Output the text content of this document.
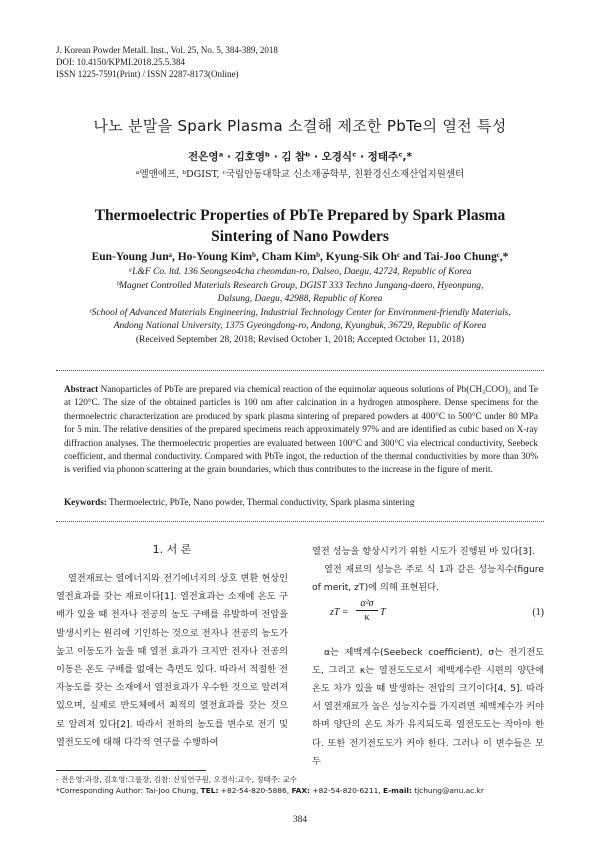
J. Korean Powder Metall. Inst., Vol. 25, No. 5, 384-389, 2018
DOI: 10.4150/KPMI.2018.25.5.384
ISSN 1225-7591(Print) / ISSN 2287-8173(Online)
나노 분말을 Spark Plasma 소결해 제조한 PbTe의 열전 특성
전은영ᵃ · 김호영ᵇ · 김 참ᵇ · 오경식ᶜ · 정태주ᶜ,*
ᵃ엘앤에프, ᵇDGIST, ᶜ국립안동대학교 신소재공학부, 친환경신소재산업지원센터
Thermoelectric Properties of PbTe Prepared by Spark Plasma
Sintering of Nano Powders
Eun-Young Junᵃ, Ho-Young Kimᵇ, Cham Kimᵇ, Kyung-Sik Ohᶜ and Tai-Joo Chungᶜ,*
ᵃL&F Co. ltd. 136 Seongseo4cha cheomdan-ro, Dalseo, Daegu, 42724, Republic of Korea
ᵇMagnet Controlled Materials Research Group, DGIST 333 Techno Jungang-daero, Hyeonpung,
Dalsung, Daegu, 42988, Republic of Korea
ᶜSchool of Advanced Materials Engineering, Industrial Technology Center for Environment-friendly Materials,
Andong National University, 1375 Gyeongdong-ro, Andong, Kyungbuk, 36729, Republic of Korea
(Received September 28, 2018; Revised October 1, 2018; Accepted October 11, 2018)
Abstract Nanoparticles of PbTe are prepared via chemical reaction of the equimolar aqueous solutions of Pb(CH₃COO)₂ and Te at 120°C. The size of the obtained particles is 100 nm after calcination in a hydrogen atmosphere. Dense specimens for the thermoelectric characterization are produced by spark plasma sintering of prepared powders at 400°C to 500°C under 80 MPa for 5 min. The relative densities of the prepared specimens reach approximately 97% and are identified as cubic based on X-ray diffraction analyses. The thermoelectric properties are evaluated between 100°C and 300°C via electrical conductivity, Seebeck coefficient, and thermal conductivity. Compared with PbTe ingot, the reduction of the thermal conductivities by more than 30% is verified via phonon scattering at the grain boundaries, which thus contributes to the increase in the figure of merit.
Keywords: Thermoelectric, PbTe, Nano powder, Thermal conductivity, Spark plasma sintering
1. 서 론

열전재료는 열에너지와 전기에너지의 상호 변환 현상인 열전효과를 갖는 재료이다[1]. 열전효과는 소재에 온도 구배가 있을 때 전자나 전공의 농도 구배를 유발하여 전압을 발생시키는 원리에 기인하는 것으로 전자나 전공의 농도가 높고 이동도가 높을 때 열전 효과가 크지만 전자나 전공의 이동은 온도 구배를 없애는 측면도 있다. 따라서 적절한 전자농도를 갖는 소재에서 열전효과가 우수한 것으로 알려져 있으며, 실제로 반도체에서 최적의 열전효과를 갖는 것으로 알려져 있다[2]. 따라서 전하의 농도를 변수로 전기 및 열전도도에 대해 다각적 연구를 수행하여

열전 성능을 향상시키기 위한 시도가 진행된 바 있다[3].

열전 재료의 성능은 주로 식 1과 같은 성능지수(figure of merit, zT)에 의해 표현된다.

α는 제백계수(Seebeck coefficient), σ는 전기전도도, 그리고 κ는 열전도도로서 제백계수란 시편의 양단에 온도 차가 있을 때 발생하는 전압의 크기이다[4, 5]. 따라서 열전재료가 높은 성능지수를 가지려면 제백계수가 커야 하며 양단의 온도 차가 유지되도록 열전도도는 작아야 한다. 또한 전기전도도가 커야 한다. 그러나 이 변수들은 모두

zT = $\frac{\text{α²σ}}{\kappa}$ T	(1)
- 전은영:과장, 김호영:그룹장, 김참: 신임연구원, 오경식:교수, 정태주: 교수
*Corresponding Author: Tai-Joo Chung, TEL: +82-54-820-5886, FAX: +82-54-820-6211, E-mail: tjchung@anu.ac.kr
384
